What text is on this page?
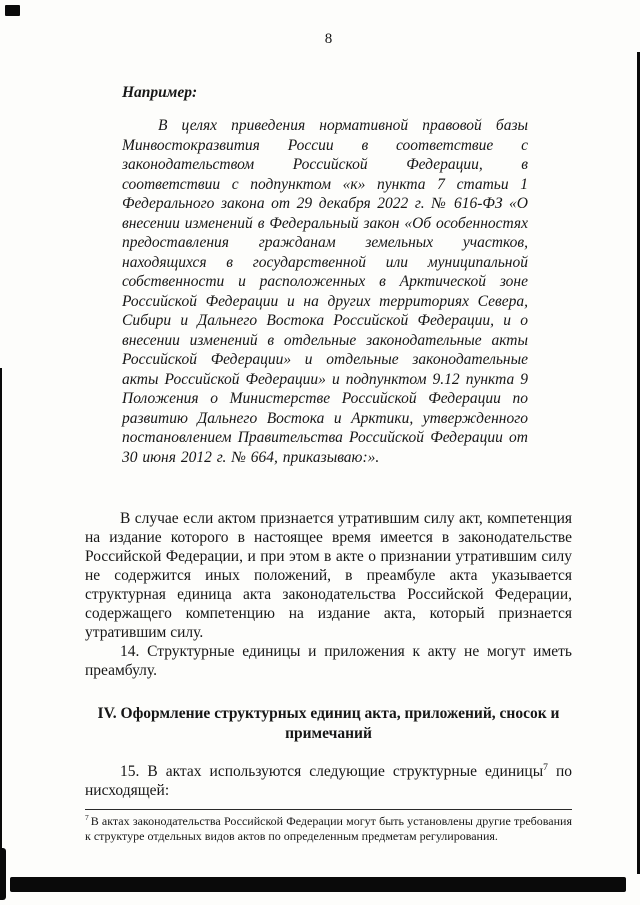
8

Например:

В целях приведения нормативной правовой базы Минвостокразвития России в соответствие с законодательством Российской Федерации, в соответствии с подпунктом «к» пункта 7 статьи 1 Федерального закона от 29 декабря 2022 г. № 616-ФЗ «О внесении изменений в Федеральный закон «Об особенностях предоставления гражданам земельных участков, находящихся в государственной или муниципальной собственности и расположенных в Арктической зоне Российской Федерации и на других территориях Севера, Сибири и Дальнего Востока Российской Федерации, и о внесении изменений в отдельные законодательные акты Российской Федерации» и отдельные законодательные акты Российской Федерации» и подпунктом 9.12 пункта 9 Положения о Министерстве Российской Федерации по развитию Дальнего Востока и Арктики, утвержденного постановлением Правительства Российской Федерации от 30 июня 2012 г. № 664, приказываю:».

В случае если актом признается утратившим силу акт, компетенция на издание которого в настоящее время имеется в законодательстве Российской Федерации, и при этом в акте о признании утратившим силу не содержится иных положений, в преамбуле акта указывается структурная единица акта законодательства Российской Федерации, содержащего компетенцию на издание акта, который признается утратившим силу.

14. Структурные единицы и приложения к акту не могут иметь преамбулу.

IV. Оформление структурных единиц акта, приложений, сносок и примечаний

15. В актах используются следующие структурные единицы$^7$ по нисходящей:

$^7$ В актах законодательства Российской Федерации могут быть установлены другие требования к структуре отдельных видов актов по определенным предметам регулирования.
